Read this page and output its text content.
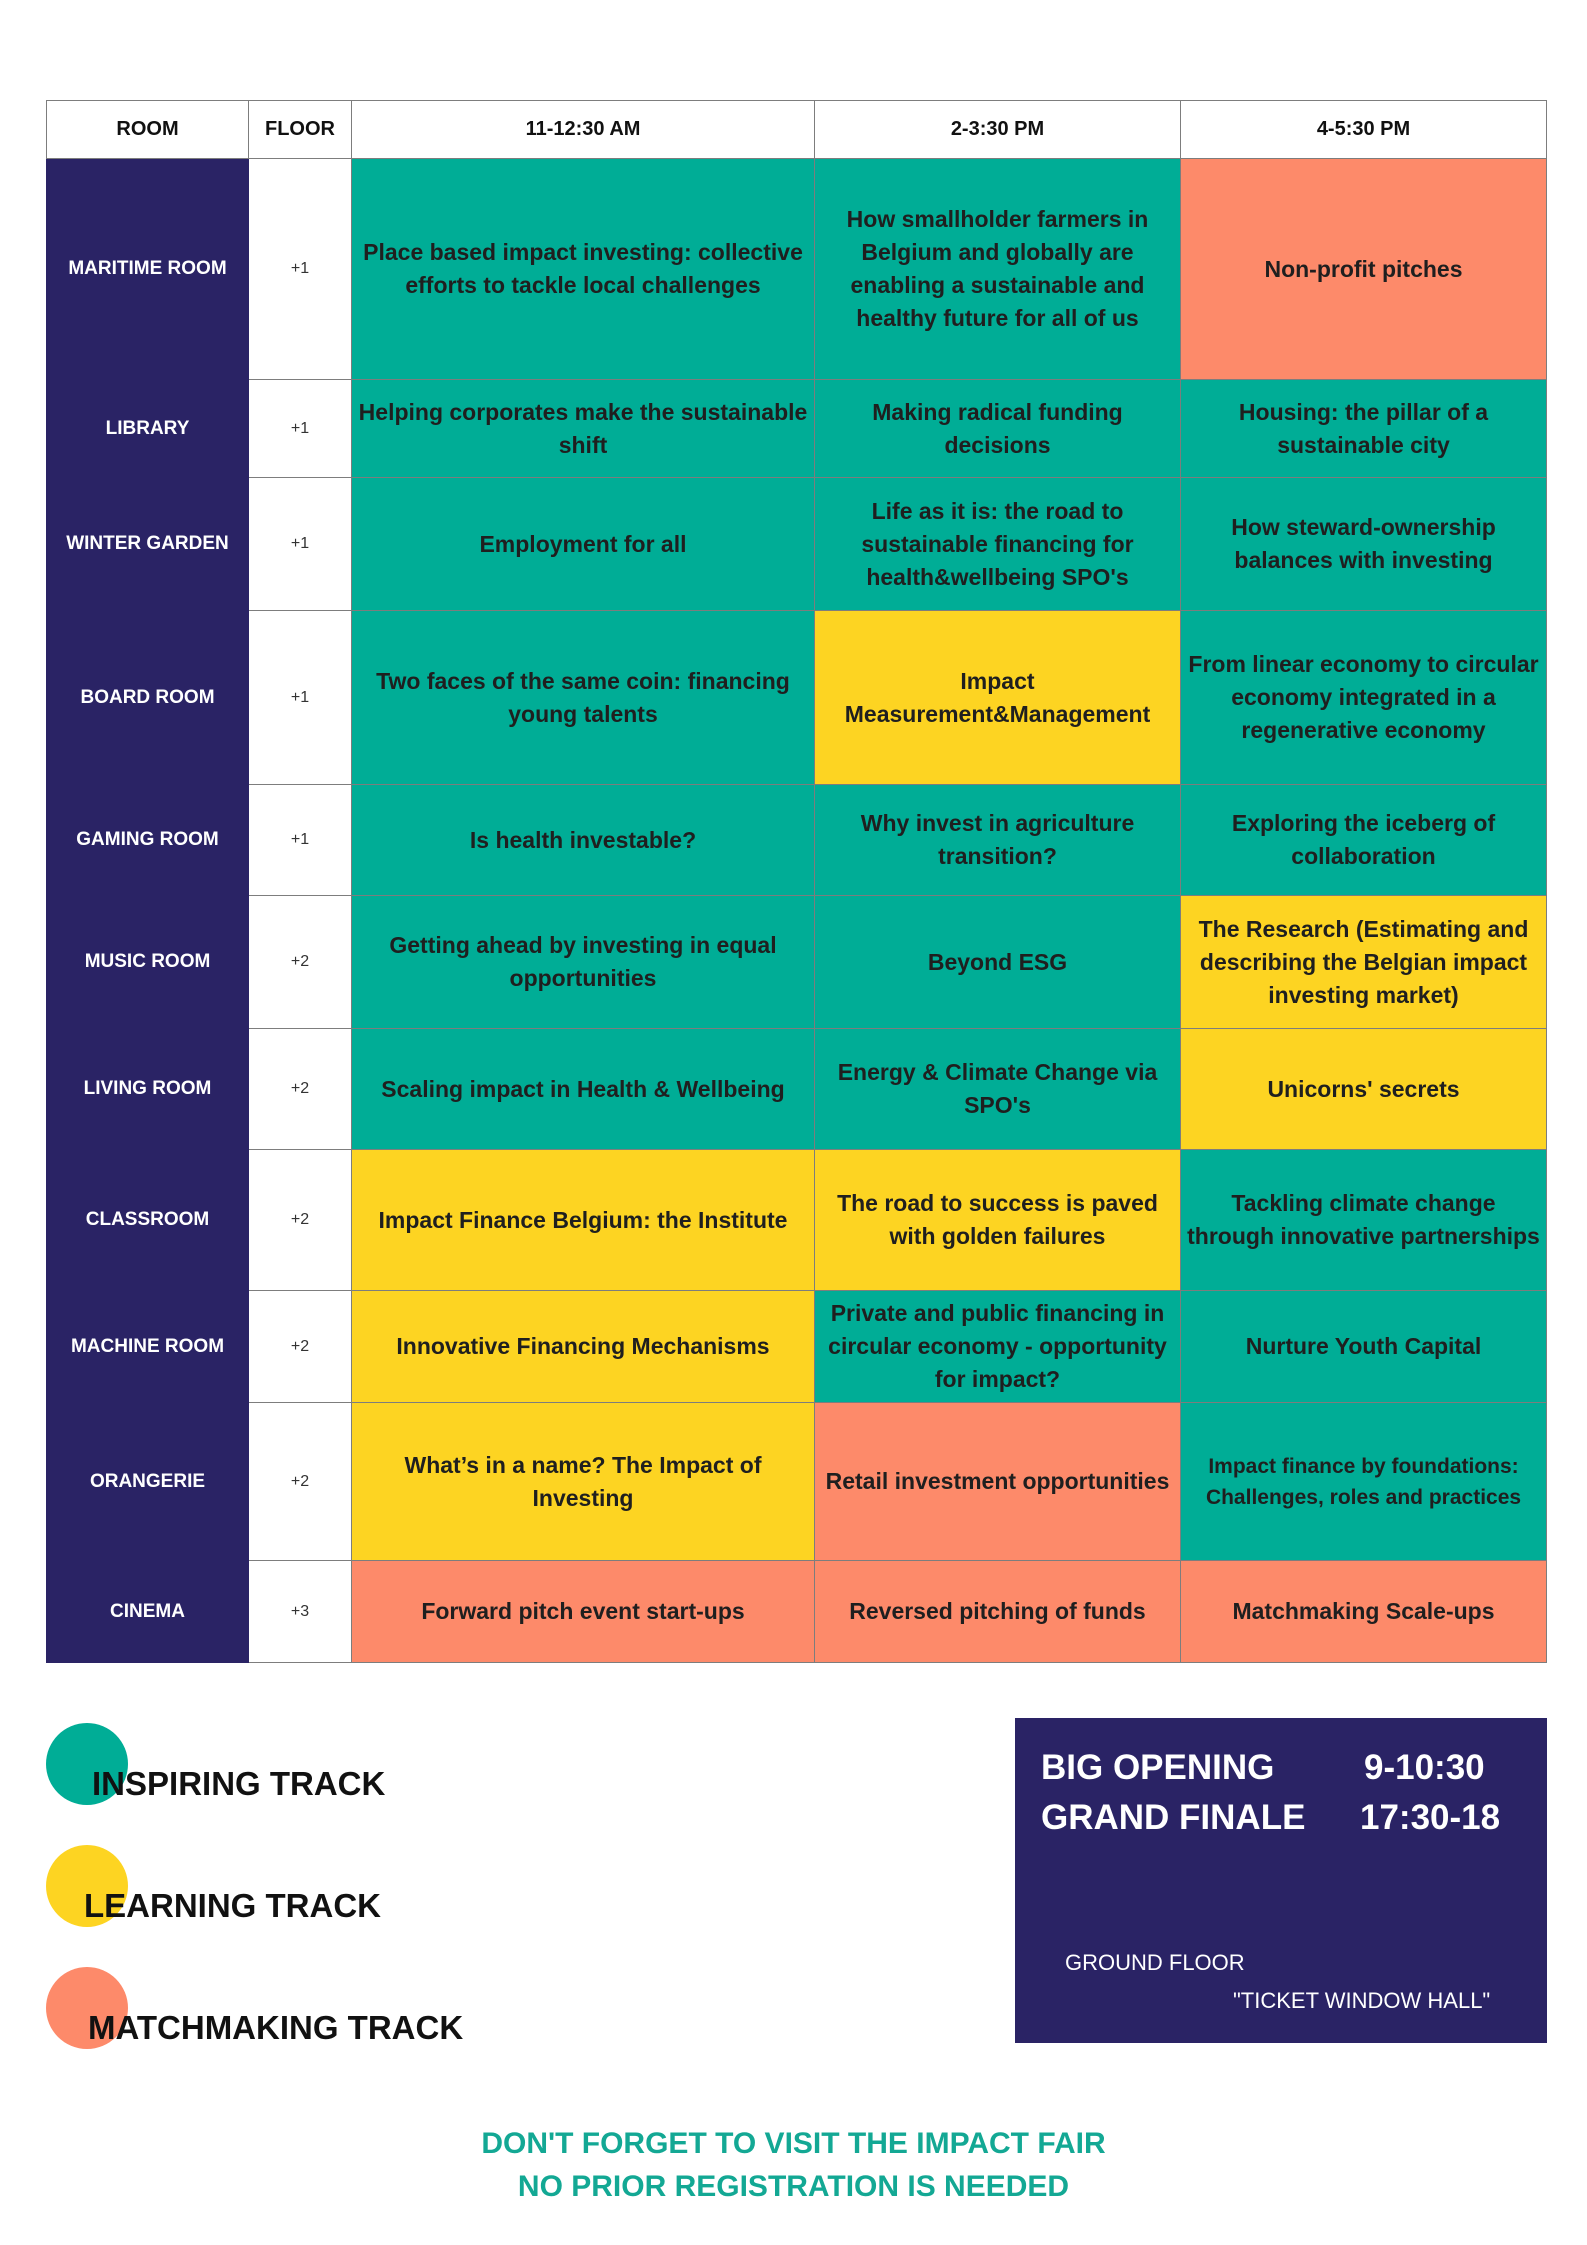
ROOM	FLOOR	11-12:30 AM	2-3:30 PM	4-5:30 PM
MARITIME ROOM	+1	Place based impact investing: collective efforts to tackle local challenges	How smallholder farmers in Belgium and globally are enabling a sustainable and healthy future for all of us	Non-profit pitches
LIBRARY	+1	Helping corporates make the sustainable shift	Making radical funding decisions	Housing: the pillar of a sustainable city
WINTER GARDEN	+1	Employment for all	Life as it is: the road to sustainable financing for health&wellbeing SPO's	How steward-ownership balances with investing
BOARD ROOM	+1	Two faces of the same coin: financing young talents	Impact Measurement&Management	From linear economy to circular economy integrated in a regenerative economy
GAMING ROOM	+1	Is health investable?	Why invest in agriculture transition?	Exploring the iceberg of collaboration
MUSIC ROOM	+2	Getting ahead by investing in equal opportunities	Beyond ESG	The Research (Estimating and describing the Belgian impact investing market)
LIVING ROOM	+2	Scaling impact in Health & Wellbeing	Energy & Climate Change via SPO's	Unicorns' secrets
CLASSROOM	+2	Impact Finance Belgium: the Institute	The road to success is paved with golden failures	Tackling climate change through innovative partnerships
MACHINE ROOM	+2	Innovative Financing Mechanisms	Private and public financing in circular economy - opportunity for impact?	Nurture Youth Capital
ORANGERIE	+2	What’s in a name? The Impact of Investing	Retail investment opportunities	Impact finance by foundations: Challenges, roles and practices
CINEMA	+3	Forward pitch event start-ups	Reversed pitching of funds	Matchmaking Scale-ups
INSPIRING TRACK
LEARNING TRACK
MATCHMAKING TRACK
BIG OPENING	9-10:30
GRAND FINALE 17:30-18
GROUND FLOOR
"TICKET WINDOW HALL"
DON'T FORGET TO VISIT THE IMPACT FAIR
NO PRIOR REGISTRATION IS NEEDED
